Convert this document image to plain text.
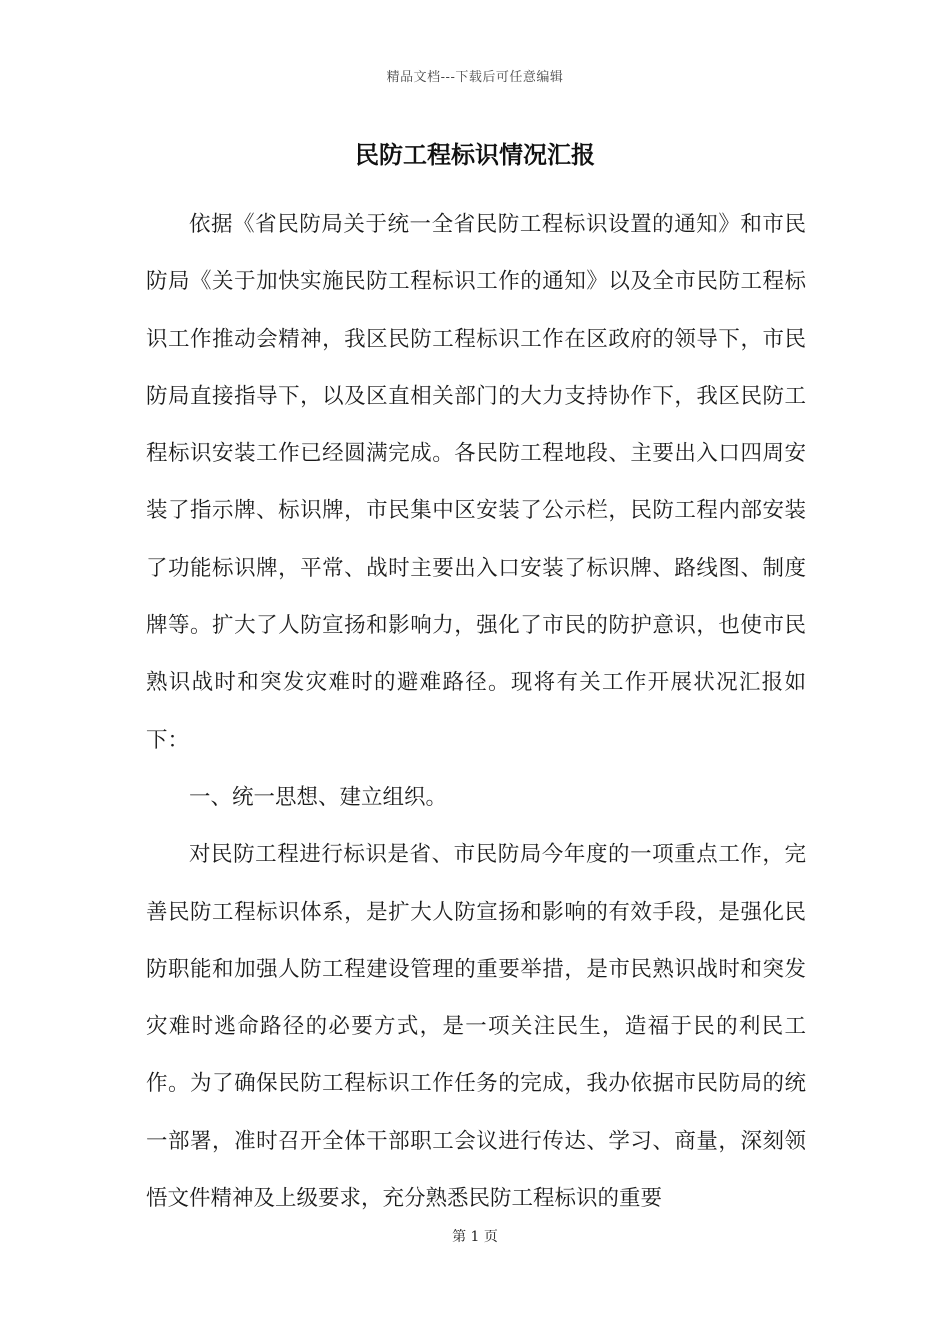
精品文档---下载后可任意编辑
民防工程标识情况汇报

依据《省民防局关于统一全省民防工程标识设置的通知》和市民防局《关于加快实施民防工程标识工作的通知》以及全市民防工程标识工作推动会精神，我区民防工程标识工作在区政府的领导下，市民防局直接指导下，以及区直相关部门的大力支持协作下，我区民防工程标识安装工作已经圆满完成。各民防工程地段、主要出入口四周安装了指示牌、标识牌，市民集中区安装了公示栏，民防工程内部安装了功能标识牌，平常、战时主要出入口安装了标识牌、路线图、制度牌等。扩大了人防宣扬和影响力，强化了市民的防护意识，也使市民熟识战时和突发灾难时的避难路径。现将有关工作开展状况汇报如下：

一、统一思想、建立组织。

对民防工程进行标识是省、市民防局今年度的一项重点工作，完善民防工程标识体系，是扩大人防宣扬和影响的有效手段，是强化民防职能和加强人防工程建设管理的重要举措，是市民熟识战时和突发灾难时逃命路径的必要方式，是一项关注民生，造福于民的利民工作。为了确保民防工程标识工作任务的完成，我办依据市民防局的统一部署，准时召开全体干部职工会议进行传达、学习、商量，深刻领悟文件精神及上级要求，充分熟悉民防工程标识的重要

第 1 页
